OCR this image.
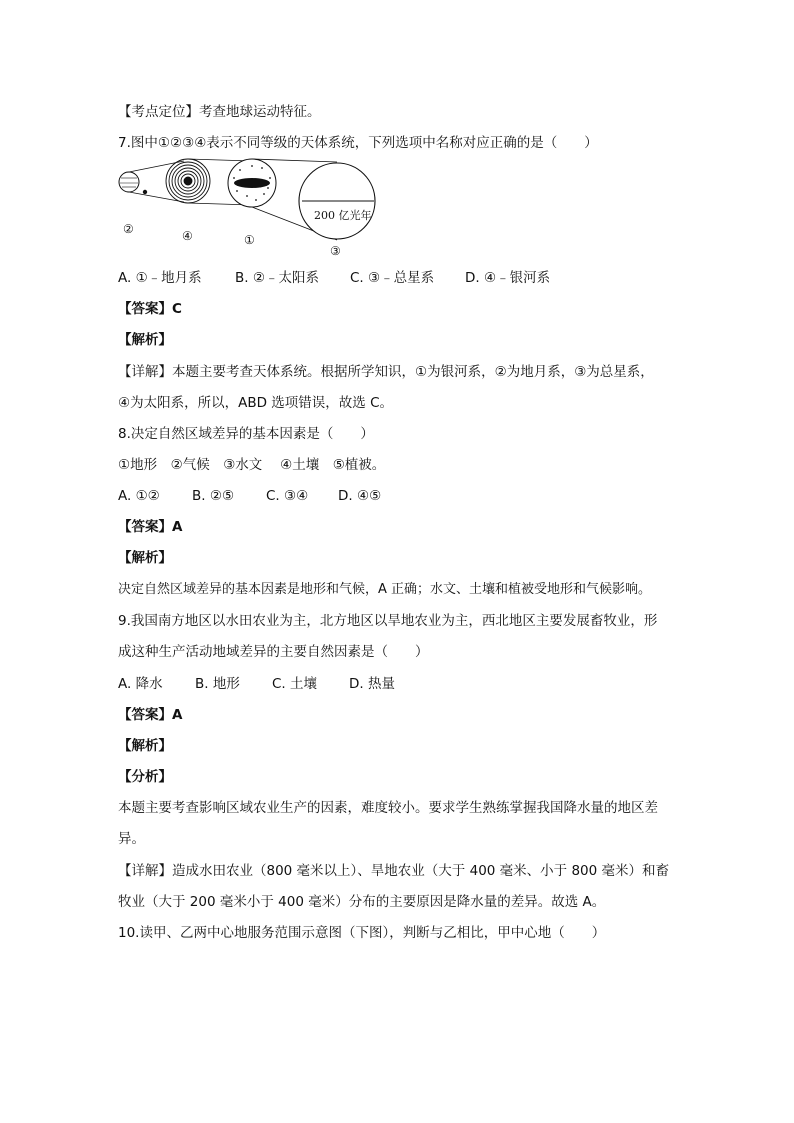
【考点定位】考查地球运动特征。
7.图中①②③④表示不同等级的天体系统，下列选项中名称对应正确的是（　　）
200 亿光年
②	④	①
③
A. ①﹣地月系 B. ②﹣太阳系 C. ③﹣总星系 D. ④﹣银河系
【答案】C
【解析】
【详解】本题主要考查天体系统。根据所学知识，①为银河系，②为地月系，③为总星系，
④为太阳系，所以，ABD 选项错误，故选 C。
8.决定自然区域差异的基本因素是（　　）
①地形　②气候　③水文　 ④土壤　⑤植被。
A. ①② B. ②⑤ C. ③④ D. ④⑤
【答案】A
【解析】
决定自然区域差异的基本因素是地形和气候，A 正确；水文、土壤和植被受地形和气候影响。
9.我国南方地区以水田农业为主，北方地区以旱地农业为主，西北地区主要发展畜牧业，形
成这种生产活动地域差异的主要自然因素是（　　）
A. 降水 B. 地形 C. 土壤 D. 热量
【答案】A
【解析】
【分析】
本题主要考查影响区域农业生产的因素，难度较小。要求学生熟练掌握我国降水量的地区差
异。
【详解】造成水田农业（800 毫米以上）、旱地农业（大于 400 毫米、小于 800 毫米）和畜
牧业（大于 200 毫米小于 400 毫米）分布的主要原因是降水量的差异。故选 A。
10.读甲、乙两中心地服务范围示意图（下图），判断与乙相比，甲中心地（　　）
